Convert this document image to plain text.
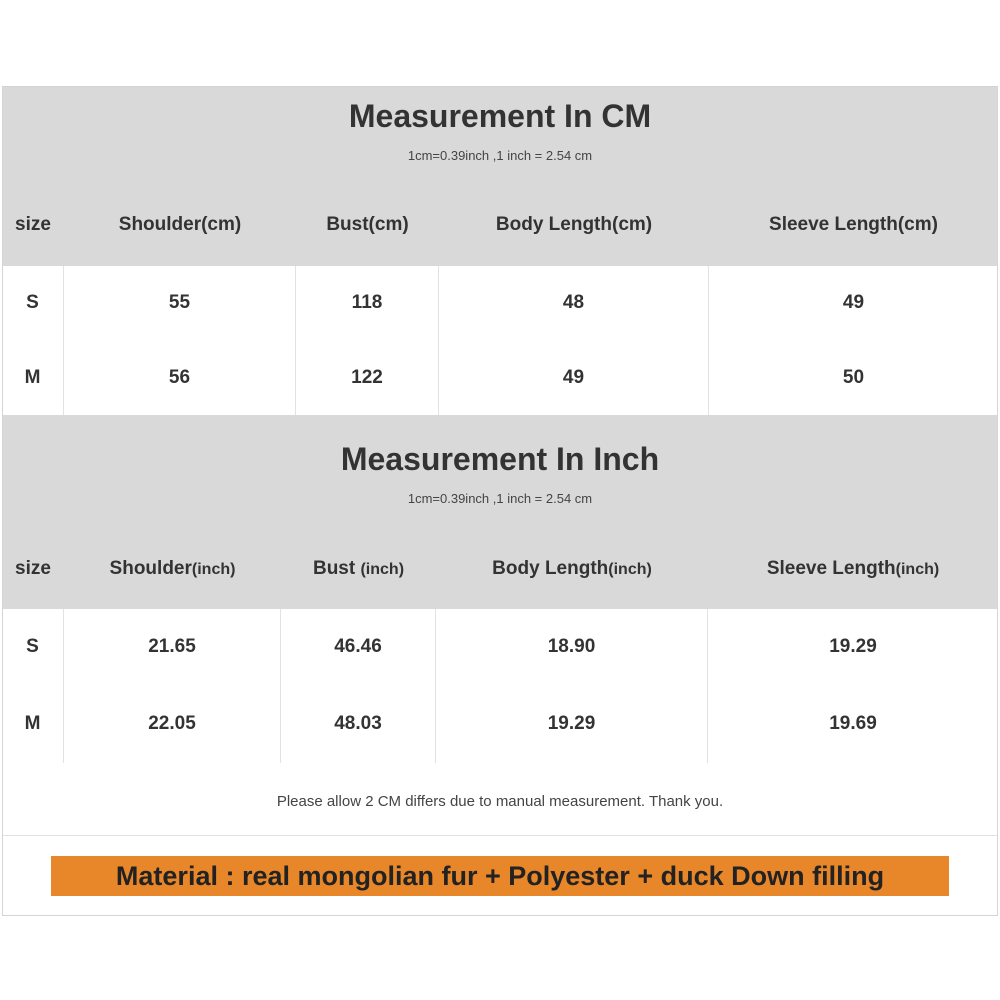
Measurement In CM
1cm=0.39inch ,1 inch = 2.54 cm
size	Shoulder(cm)	Bust(cm)	Body Length(cm)	Sleeve Length(cm)
S	55	118	48	49
M	56	122	49	50
Measurement In Inch
1cm=0.39inch ,1 inch = 2.54 cm
size	Shoulder(inch)	Bust (inch)	Body Length(inch)	Sleeve Length(inch)
S	21.65	46.46	18.90	19.29
M	22.05	48.03	19.29	19.69
Please allow 2 CM differs due to manual measurement. Thank you.
Material : real mongolian fur + Polyester + duck Down filling
